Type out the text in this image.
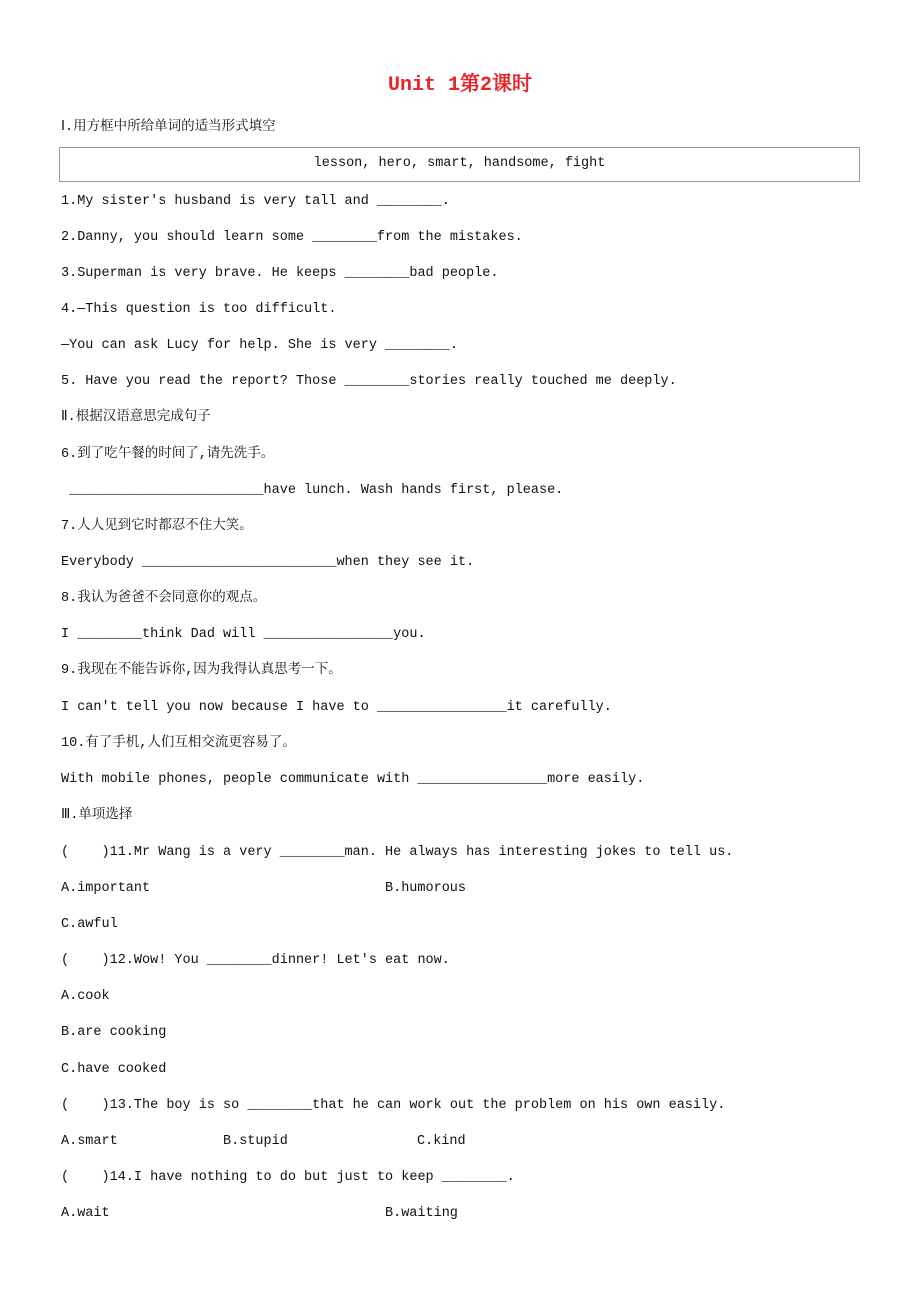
Unit 1第2课时
Ⅰ.用方框中所给单词的适当形式填空
lesson, hero, smart, handsome, fight
1.My sister's husband is very tall and ________.
2.Danny, you should learn some ________from the mistakes.
3.Superman is very brave. He keeps ________bad people.
4.—This question is too difficult.
—You can ask Lucy for help. She is very ________.
5. Have you read the report? Those ________stories really touched me deeply.
Ⅱ.根据汉语意思完成句子
6.到了吃午餐的时间了,请先洗手。
________________________have lunch. Wash hands first, please.
7.人人见到它时都忍不住大笑。
Everybody ________________________when they see it.
8.我认为爸爸不会同意你的观点。
I ________think Dad will ________________you.
9.我现在不能告诉你,因为我得认真思考一下。
I can't tell you now because I have to ________________it carefully.
10.有了手机,人们互相交流更容易了。
With mobile phones, people communicate with ________________more easily.
Ⅲ.单项选择
(    )11.Mr Wang is a very ________man. He always has interesting jokes to tell us.
A.important	B.humorous
C.awful
(    )12.Wow! You ________dinner! Let's eat now.
A.cook
B.are cooking
C.have cooked
(    )13.The boy is so ________that he can work out the problem on his own easily.
A.smart	B.stupid	C.kind
(    )14.I have nothing to do but just to keep ________.
A.wait	B.waiting
